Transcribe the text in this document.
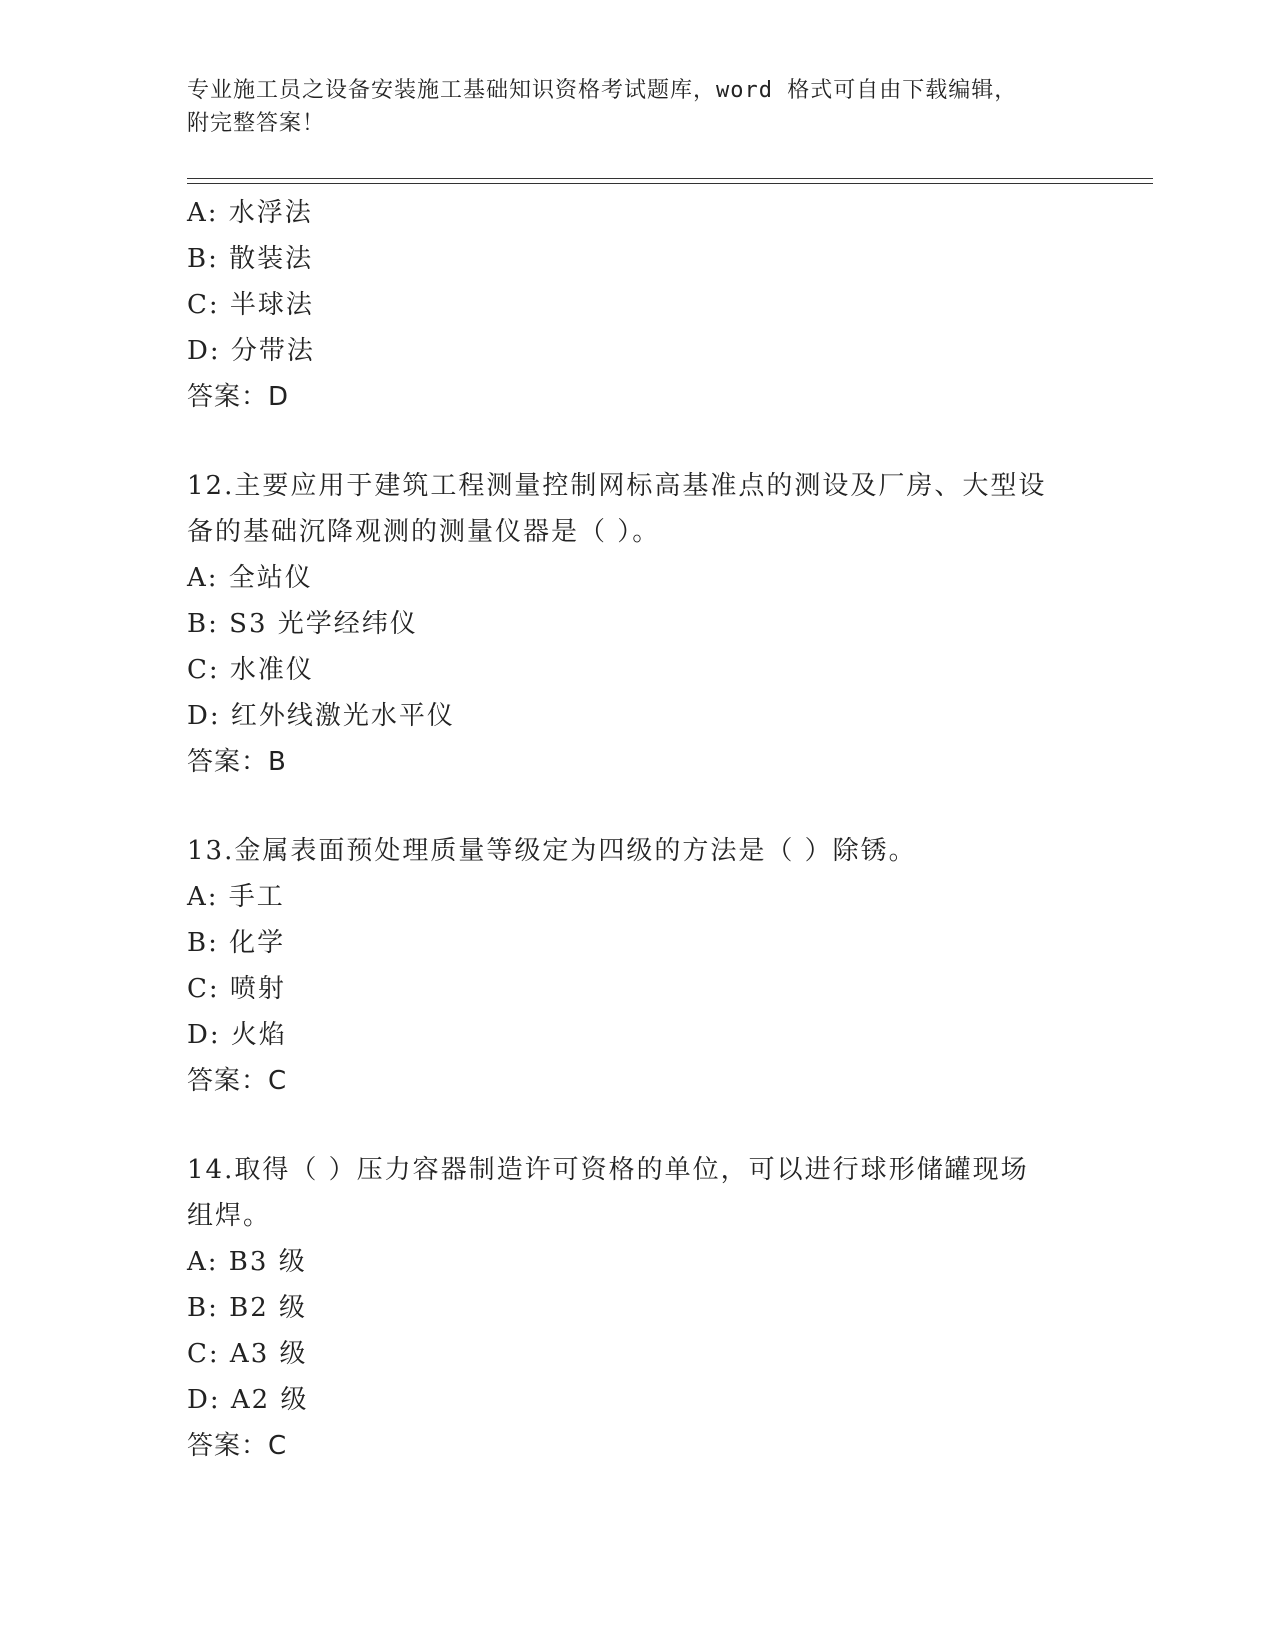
专业施工员之设备安装施工基础知识资格考试题库，word 格式可自由下载编辑，
附完整答案！
A: 水浮法
B: 散装法
C: 半球法
D: 分带法
答案：D
12.主要应用于建筑工程测量控制网标高基准点的测设及厂房、大型设
备的基础沉降观测的测量仪器是（ ）。
A: 全站仪
B: S3 光学经纬仪
C: 水准仪
D: 红外线激光水平仪
答案：B
13.金属表面预处理质量等级定为四级的方法是（ ）除锈。
A: 手工
B: 化学
C: 喷射
D: 火焰
答案：C
14.取得（ ）压力容器制造许可资格的单位，可以进行球形储罐现场
组焊。
A: B3 级
B: B2 级
C: A3 级
D: A2 级
答案：C
